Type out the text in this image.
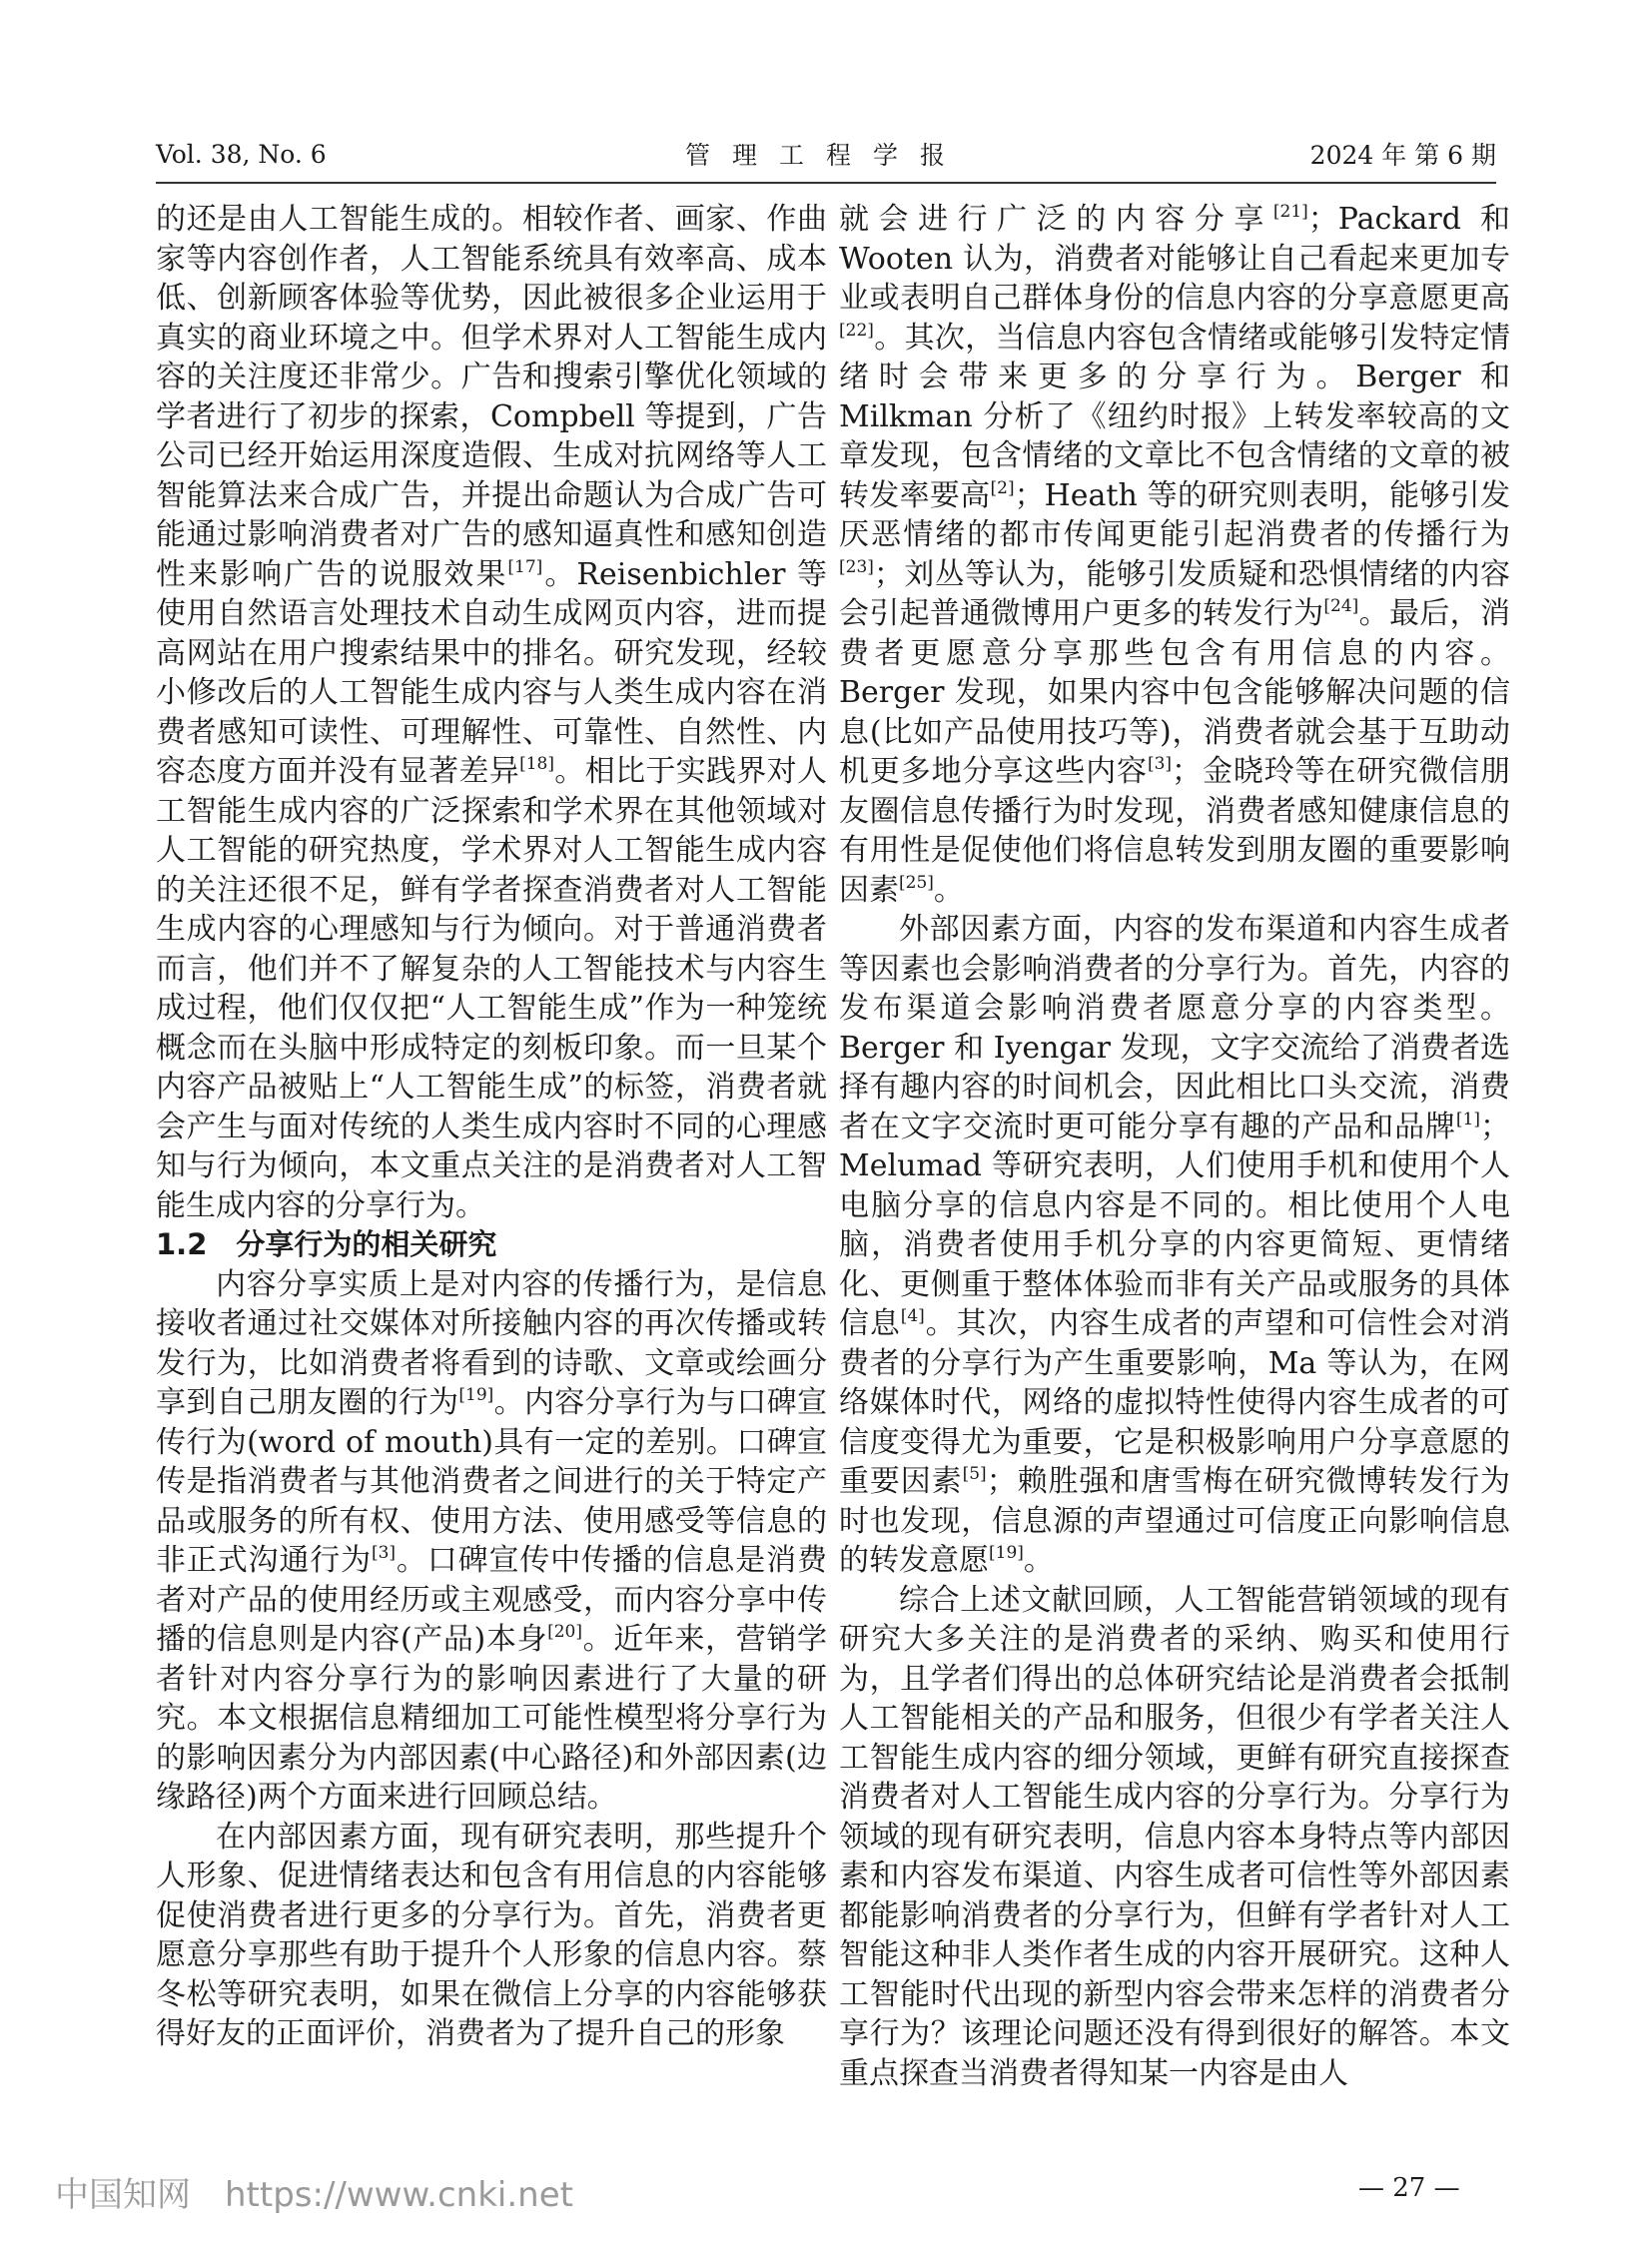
Vol. 38, No. 6	管理工程学报	2024 年 第 6 期

的还是由人工智能生成的。相较作者、画家、作曲家等内容创作者，人工智能系统具有效率高、成本低、创新顾客体验等优势，因此被很多企业运用于真实的商业环境之中。但学术界对人工智能生成内容的关注度还非常少。广告和搜索引擎优化领域的学者进行了初步的探索，Compbell 等提到，广告公司已经开始运用深度造假、生成对抗网络等人工智能算法来合成广告，并提出命题认为合成广告可能通过影响消费者对广告的感知逼真性和感知创造性来影响广告的说服效果[17]。Reisenbichler 等使用自然语言处理技术自动生成网页内容，进而提高网站在用户搜索结果中的排名。研究发现，经较小修改后的人工智能生成内容与人类生成内容在消费者感知可读性、可理解性、可靠性、自然性、内容态度方面并没有显著差异[18]。相比于实践界对人工智能生成内容的广泛探索和学术界在其他领域对人工智能的研究热度，学术界对人工智能生成内容的关注还很不足，鲜有学者探查消费者对人工智能生成内容的心理感知与行为倾向。对于普通消费者而言，他们并不了解复杂的人工智能技术与内容生成过程，他们仅仅把“人工智能生成”作为一种笼统概念而在头脑中形成特定的刻板印象。而一旦某个内容产品被贴上“人工智能生成”的标签，消费者就会产生与面对传统的人类生成内容时不同的心理感知与行为倾向，本文重点关注的是消费者对人工智能生成内容的分享行为。

1.2　分享行为的相关研究

内容分享实质上是对内容的传播行为，是信息接收者通过社交媒体对所接触内容的再次传播或转发行为，比如消费者将看到的诗歌、文章或绘画分享到自己朋友圈的行为[19]。内容分享行为与口碑宣传行为(word of mouth)具有一定的差别。口碑宣传是指消费者与其他消费者之间进行的关于特定产品或服务的所有权、使用方法、使用感受等信息的非正式沟通行为[3]。口碑宣传中传播的信息是消费者对产品的使用经历或主观感受，而内容分享中传播的信息则是内容(产品)本身[20]。近年来，营销学者针对内容分享行为的影响因素进行了大量的研究。本文根据信息精细加工可能性模型将分享行为的影响因素分为内部因素(中心路径)和外部因素(边缘路径)两个方面来进行回顾总结。

在内部因素方面，现有研究表明，那些提升个人形象、促进情绪表达和包含有用信息的内容能够促使消费者进行更多的分享行为。首先，消费者更愿意分享那些有助于提升个人形象的信息内容。蔡冬松等研究表明，如果在微信上分享的内容能够获得好友的正面评价，消费者为了提升自己的形象

就会进行广泛的内容分享[21]；Packard 和 Wooten 认为，消费者对能够让自己看起来更加专业或表明自己群体身份的信息内容的分享意愿更高[22]。其次，当信息内容包含情绪或能够引发特定情绪时会带来更多的分享行为。Berger 和 Milkman 分析了《纽约时报》上转发率较高的文章发现，包含情绪的文章比不包含情绪的文章的被转发率要高[2]；Heath 等的研究则表明，能够引发厌恶情绪的都市传闻更能引起消费者的传播行为[23]；刘丛等认为，能够引发质疑和恐惧情绪的内容会引起普通微博用户更多的转发行为[24]。最后，消费者更愿意分享那些包含有用信息的内容。Berger 发现，如果内容中包含能够解决问题的信息(比如产品使用技巧等)，消费者就会基于互助动机更多地分享这些内容[3]；金晓玲等在研究微信朋友圈信息传播行为时发现，消费者感知健康信息的有用性是促使他们将信息转发到朋友圈的重要影响因素[25]。

外部因素方面，内容的发布渠道和内容生成者等因素也会影响消费者的分享行为。首先，内容的发布渠道会影响消费者愿意分享的内容类型。Berger 和 Iyengar 发现，文字交流给了消费者选择有趣内容的时间机会，因此相比口头交流，消费者在文字交流时更可能分享有趣的产品和品牌[1]；Melumad 等研究表明，人们使用手机和使用个人电脑分享的信息内容是不同的。相比使用个人电脑，消费者使用手机分享的内容更简短、更情绪化、更侧重于整体体验而非有关产品或服务的具体信息[4]。其次，内容生成者的声望和可信性会对消费者的分享行为产生重要影响，Ma 等认为，在网络媒体时代，网络的虚拟特性使得内容生成者的可信度变得尤为重要，它是积极影响用户分享意愿的重要因素[5]；赖胜强和唐雪梅在研究微博转发行为时也发现，信息源的声望通过可信度正向影响信息的转发意愿[19]。

综合上述文献回顾，人工智能营销领域的现有研究大多关注的是消费者的采纳、购买和使用行为，且学者们得出的总体研究结论是消费者会抵制人工智能相关的产品和服务，但很少有学者关注人工智能生成内容的细分领域，更鲜有研究直接探查消费者对人工智能生成内容的分享行为。分享行为领域的现有研究表明，信息内容本身特点等内部因素和内容发布渠道、内容生成者可信性等外部因素都能影响消费者的分享行为，但鲜有学者针对人工智能这种非人类作者生成的内容开展研究。这种人工智能时代出现的新型内容会带来怎样的消费者分享行为？该理论问题还没有得到很好的解答。本文重点探查当消费者得知某一内容是由人

— 27 —
中国知网　https://www.cnki.net
